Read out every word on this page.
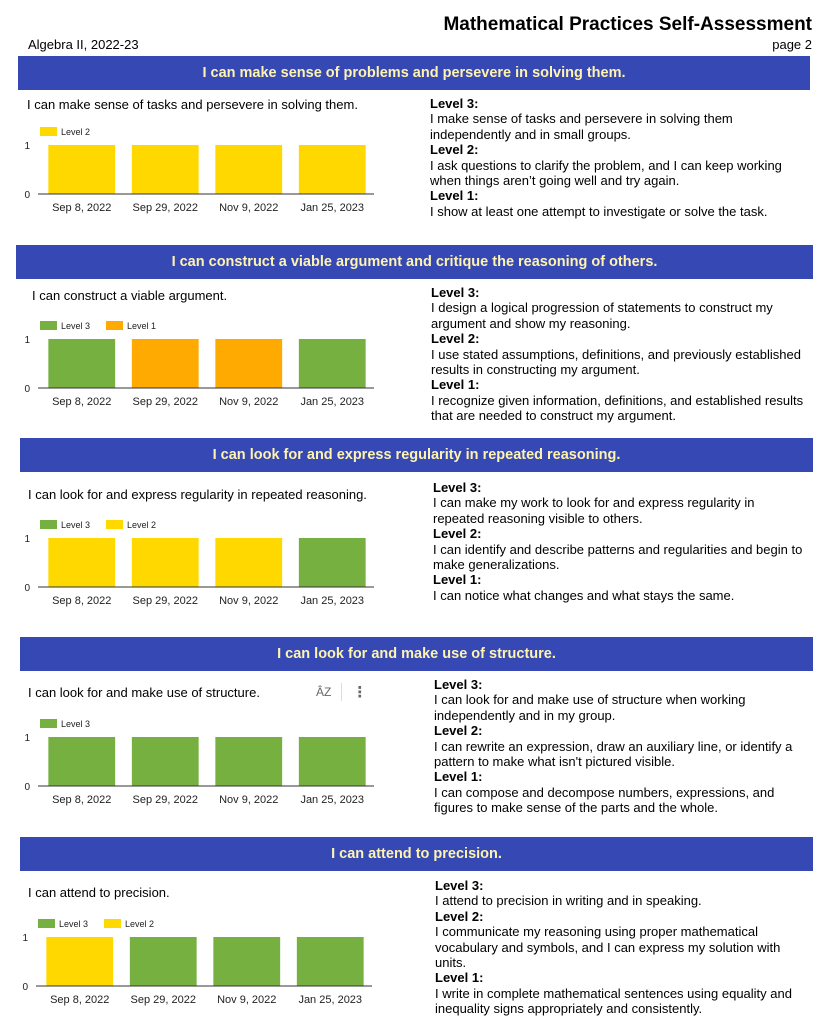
Mathematical Practices Self-Assessment
Algebra II, 2022-23	page 2
I can make sense of problems and persevere in solving them.
I can make sense of tasks and persevere in solving them.
Level 2
1
0
Sep 8, 2022 Sep 29, 2022 Nov 9, 2022 Jan 25, 2023
Level 3:
I make sense of tasks and persevere in solving them independently and in small groups.
Level 2:
I ask questions to clarify the problem, and I can keep working when things aren’t going well and try again.
Level 1:
I show at least one attempt to investigate or solve the task.
I can construct a viable argument and critique the reasoning of others.
I can construct a viable argument.
Level 3	Level 1
1
0
Sep 8, 2022 Sep 29, 2022 Nov 9, 2022 Jan 25, 2023
Level 3:
I design a logical progression of statements to construct my argument and show my reasoning.
Level 2:
I use stated assumptions, definitions, and previously established results in constructing my argument.
Level 1:
I recognize given information, definitions, and established results that are needed to construct my argument.
I can look for and express regularity in repeated reasoning.
I can look for and express regularity in repeated reasoning.
Level 3	Level 2
1
0
Sep 8, 2022 Sep 29, 2022 Nov 9, 2022 Jan 25, 2023
Level 3:
I can make my work to look for and express regularity in repeated reasoning visible to others.
Level 2:
I can identify and describe patterns and regularities and begin to make generalizations.
Level 1:
I can notice what changes and what stays the same.
I can look for and make use of structure.
I can look for and make use of structure.	ÂZ ⋮
Level 3
1
0
Sep 8, 2022 Sep 29, 2022 Nov 9, 2022 Jan 25, 2023
Level 3:
I can look for and make use of structure when working independently and in my group.
Level 2:
I can rewrite an expression, draw an auxiliary line, or identify a pattern to make what isn't pictured visible.
Level 1:
I can compose and decompose numbers, expressions, and figures to make sense of the parts and the whole.
I can attend to precision.
I can attend to precision.
Level 3	Level 2
1
0
Sep 8, 2022 Sep 29, 2022 Nov 9, 2022 Jan 25, 2023
Level 3:
I attend to precision in writing and in speaking.
Level 2:
I communicate my reasoning using proper mathematical vocabulary and symbols, and I can express my solution with units.
Level 1:
I write in complete mathematical sentences using equality and inequality signs appropriately and consistently.
